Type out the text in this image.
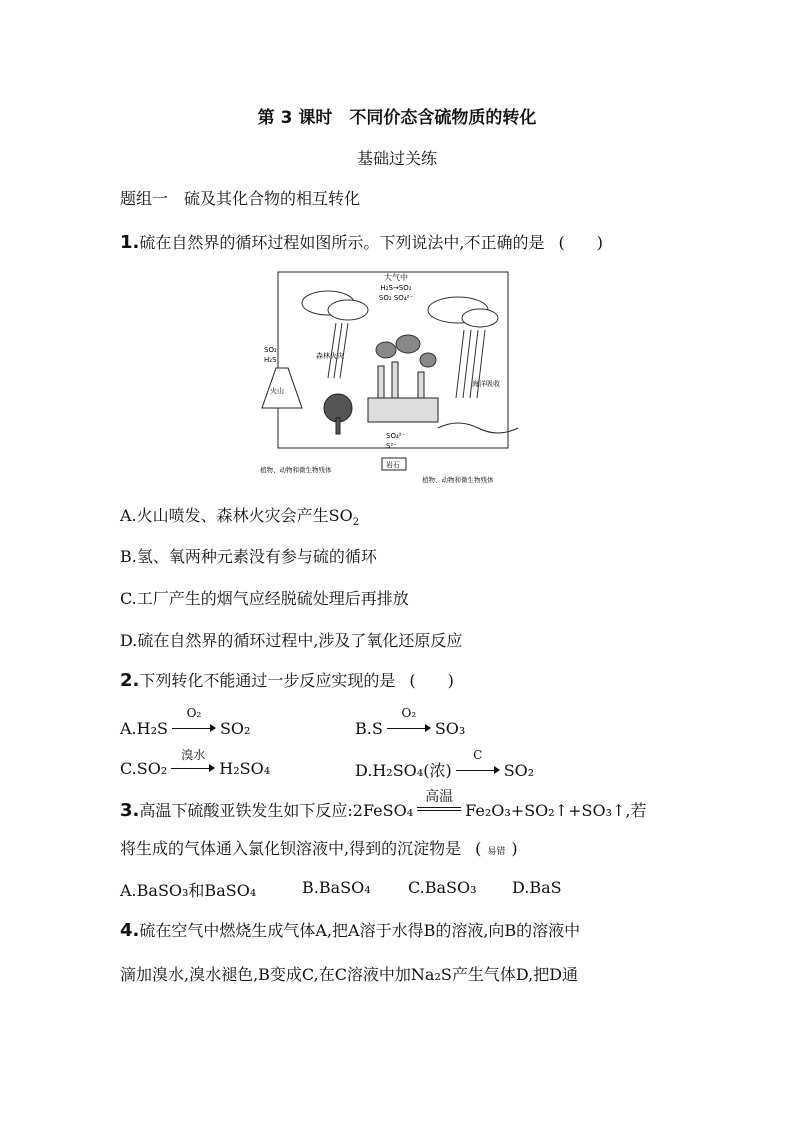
第 3 课时　不同价态含硫物质的转化
基础过关练
题组一　硫及其化合物的相互转化
1.硫在自然界的循环过程如图所示。下列说法中,不正确的是 (　　)
大气中
H₂S→SO₂
SO₂ SO₄²⁻
火山
SO₂
H₂S	森林火灾
海洋吸收
SO₄²⁻
S²⁻
岩石
植物、动物和微生物残体
植物、动物和微生物残体
A.火山喷发、森林火灾会产生$SO_2$
B.氢、氧两种元素没有参与硫的循环
C.工厂产生的烟气应经脱硫处理后再排放
D.硫在自然界的循环过程中,涉及了氧化还原反应
2.下列转化不能通过一步反应实现的是 (　　)
A.H₂S
O₂
SO₂	B.S
O₂
SO₃
C.SO₂
溴水
H₂SO₄	D.H₂SO₄(浓)
C
SO₂
3.高温下硫酸亚铁发生如下反应:2FeSO₄
高温
Fe₂O₃+SO₂↑+SO₃↑,若
将生成的气体通入氯化钡溶液中,得到的沉淀物是 ( 易错 )
A.BaSO₃和BaSO₄	B.BaSO₄ C.BaSO₃ D.BaS
4.硫在空气中燃烧生成气体A,把A溶于水得B的溶液,向B的溶液中
滴加溴水,溴水褪色,B变成C,在C溶液中加Na₂S产生气体D,把D通
